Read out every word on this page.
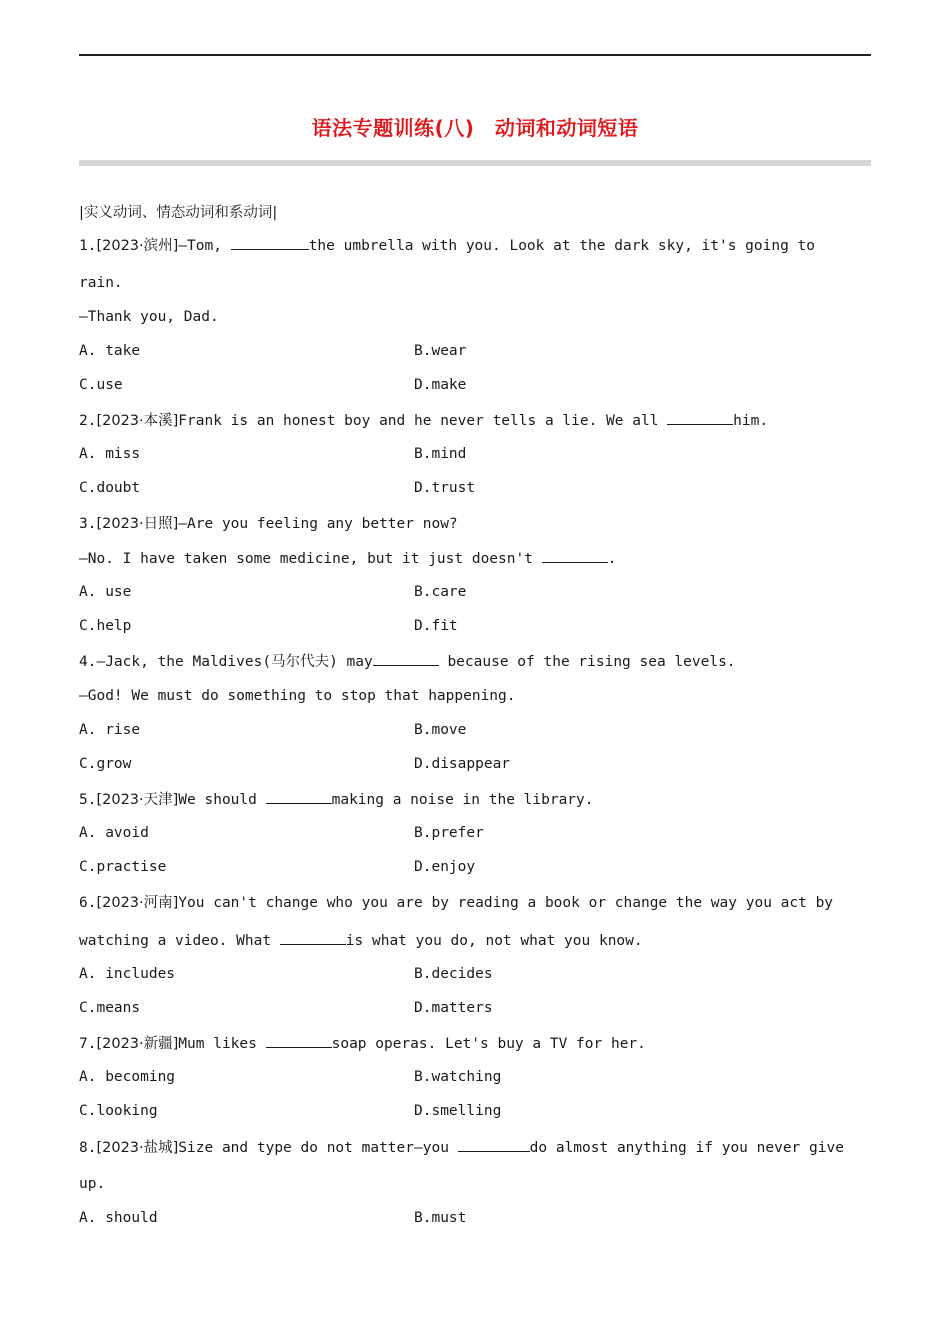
语法专题训练(八)　动词和动词短语
|实义动词、情态动词和系动词|
1.[2023·滨州]—Tom,	the umbrella with you. Look at the dark sky, it's going to
rain.
—Thank you, Dad.
A. take	B.wear
C.use	D.make
2.[2023·本溪]Frank is an honest boy and he never tells a lie. We all	him.
A. miss	B.mind
C.doubt	D.trust
3.[2023·日照]—Are you feeling any better now?
—No. I have taken some medicine, but it just doesn't	.
A. use	B.care
C.help	D.fit
4.—Jack, the Maldives(马尔代夫) may	because of the rising sea levels.
—God! We must do something to stop that happening.
A. rise	B.move
C.grow	D.disappear
5.[2023·天津]We should	making a noise in the library.
A. avoid	B.prefer
C.practise	D.enjoy
6.[2023·河南]You can't change who you are by reading a book or change the way you act by
watching a video. What	is what you do, not what you know.
A. includes	B.decides
C.means	D.matters
7.[2023·新疆]Mum likes	soap operas. Let's buy a TV for her.
A. becoming	B.watching
C.looking	D.smelling
8.[2023·盐城]Size and type do not matter—you	do almost anything if you never give
up.
A. should	B.must
